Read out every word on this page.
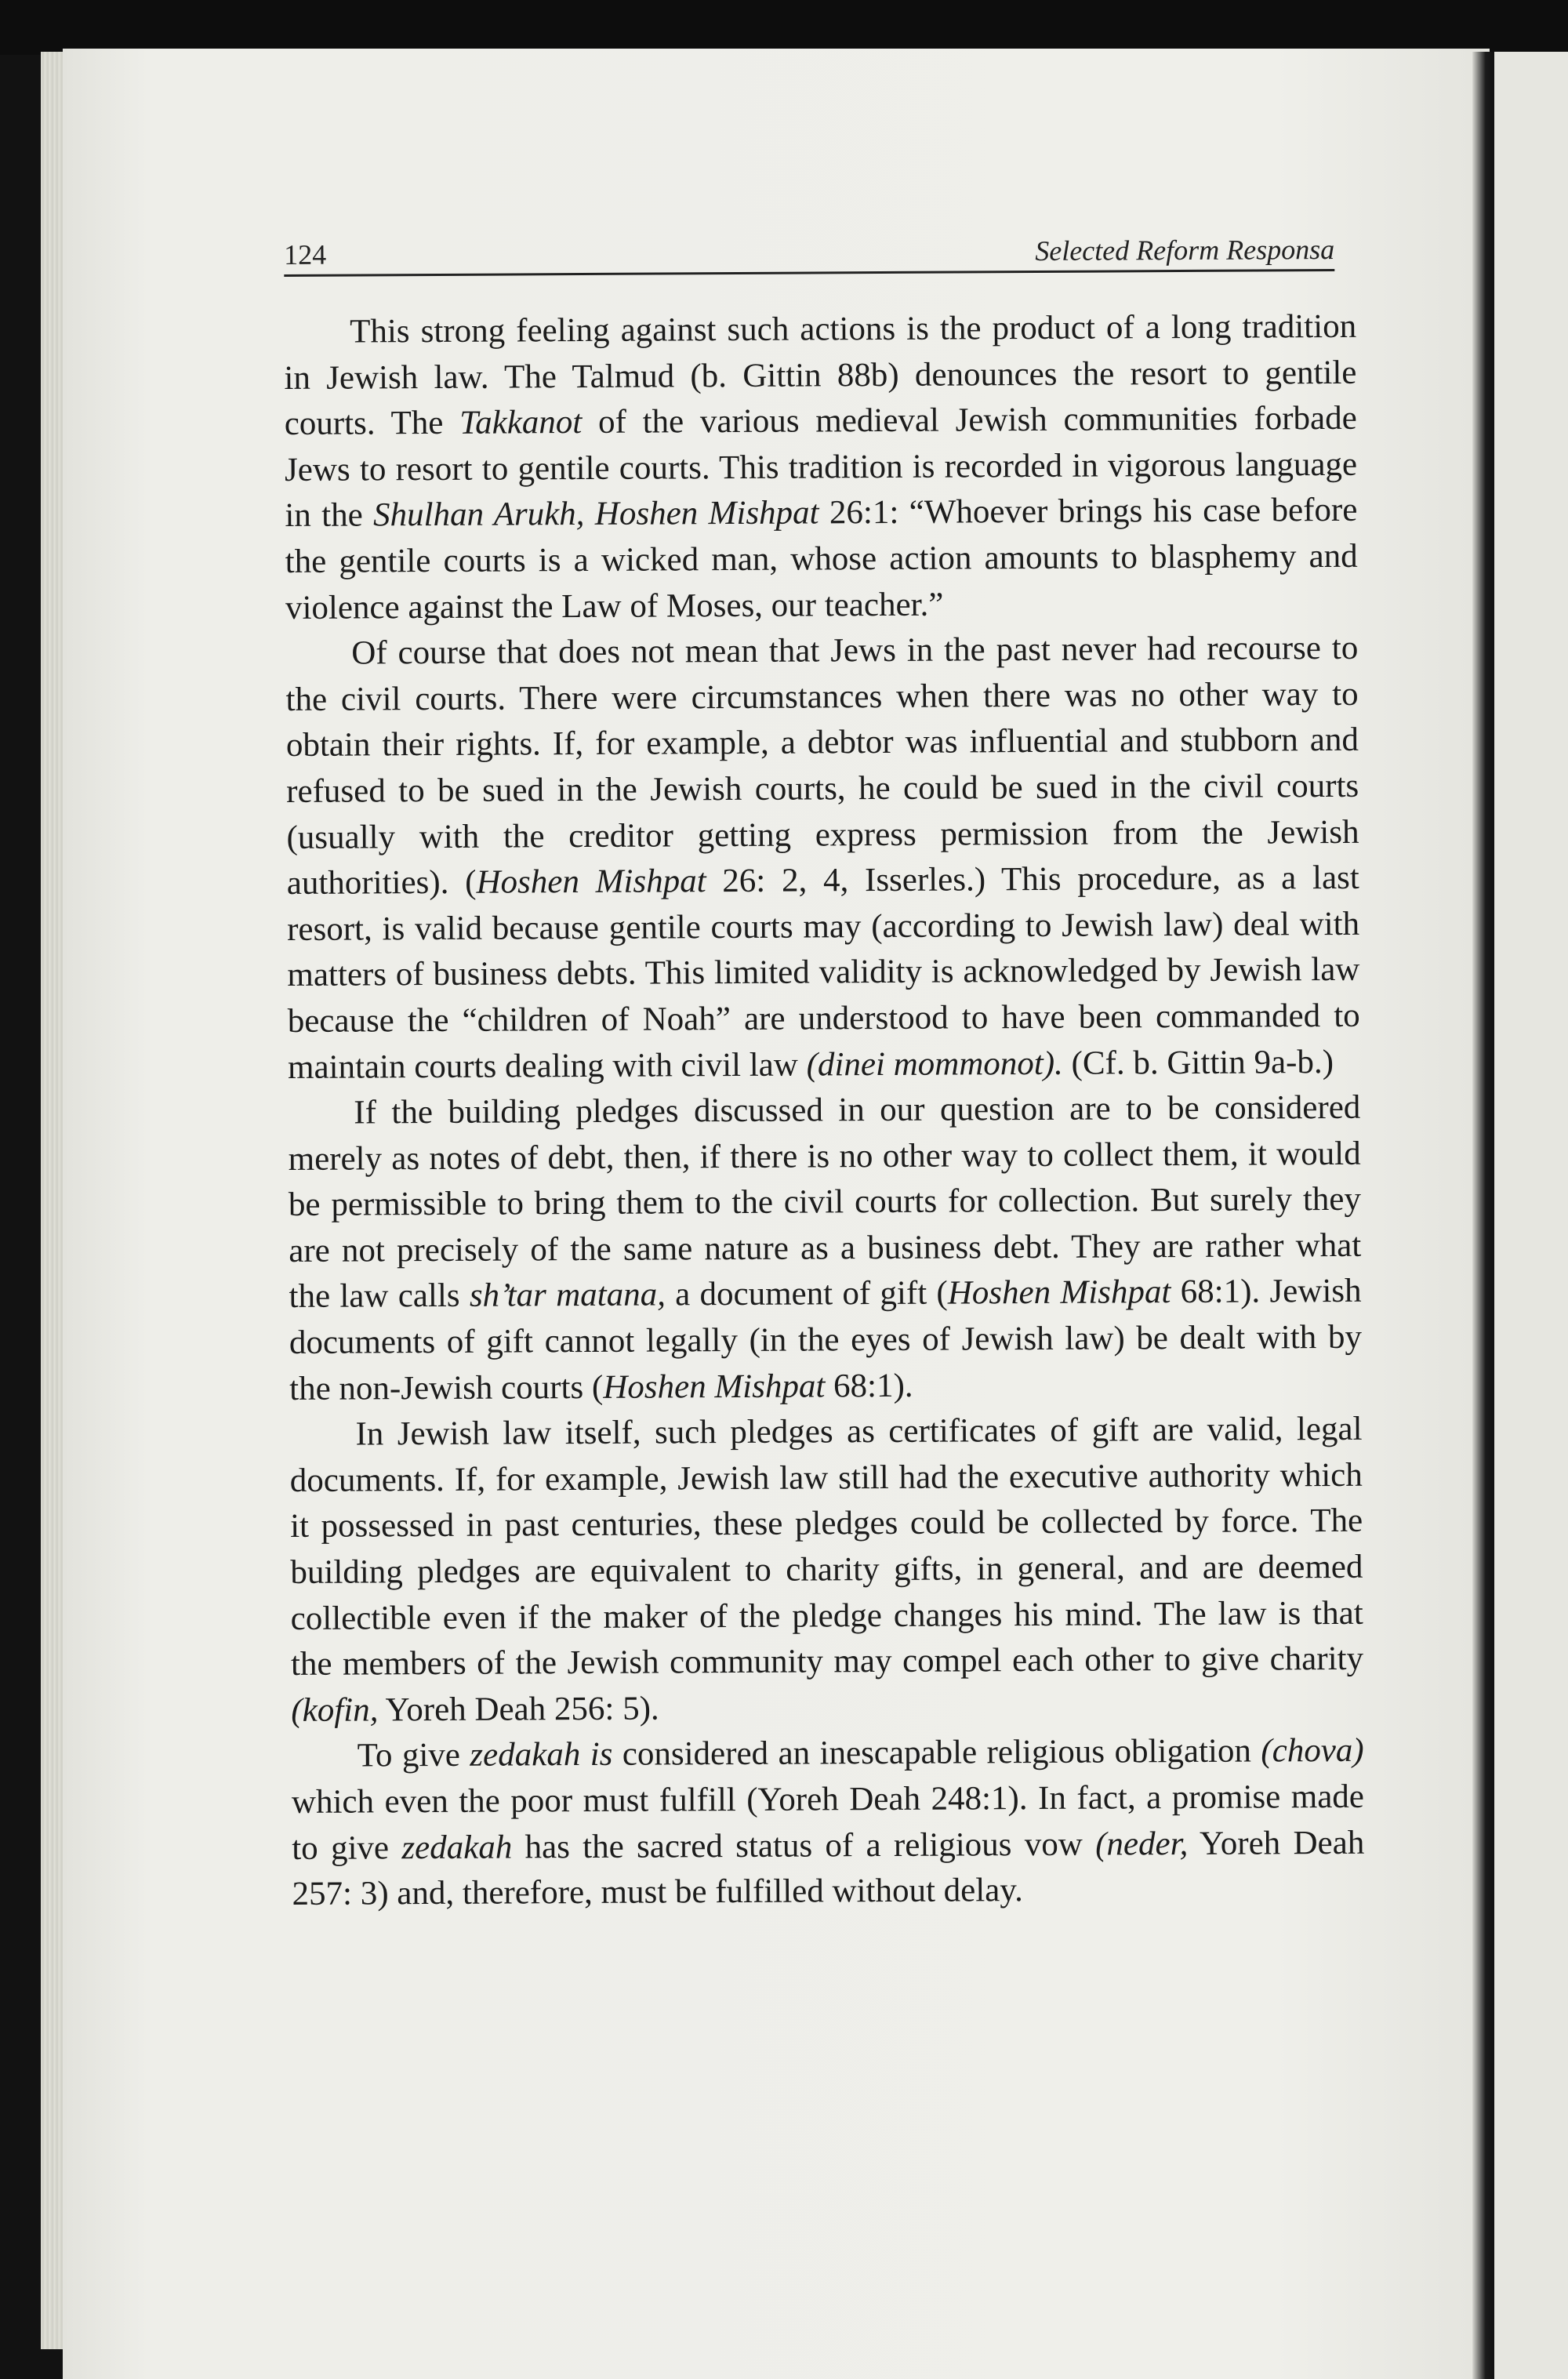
124	Selected Reform Responsa

This strong feeling against such actions is the product of a long tradition in Jewish law. The Talmud (b. Gittin 88b) denounces the resort to gentile courts. The Takkanot of the various medieval Jewish communities forbade Jews to resort to gentile courts. This tradition is recorded in vigorous language in the Shulhan Arukh, Hoshen Mishpat 26:1: “Whoever brings his case before the gentile courts is a wicked man, whose action amounts to blasphemy and violence against the Law of Moses, our teacher.”

Of course that does not mean that Jews in the past never had recourse to the civil courts. There were circumstances when there was no other way to obtain their rights. If, for example, a debtor was influential and stubborn and refused to be sued in the Jewish courts, he could be sued in the civil courts (usually with the creditor getting express permission from the Jewish authorities). (Hoshen Mishpat 26: 2, 4, Isserles.) This procedure, as a last resort, is valid because gentile courts may (according to Jewish law) deal with matters of business debts. This limited validity is acknowledged by Jewish law because the “children of Noah” are understood to have been commanded to maintain courts dealing with civil law (dinei mommonot). (Cf. b. Gittin 9a-b.)

If the building pledges discussed in our question are to be considered merely as notes of debt, then, if there is no other way to collect them, it would be permissible to bring them to the civil courts for collection. But surely they are not precisely of the same nature as a business debt. They are rather what the law calls sh’tar matana, a document of gift (Hoshen Mishpat 68:1). Jewish documents of gift cannot legally (in the eyes of Jewish law) be dealt with by the non-Jewish courts (Hoshen Mishpat 68:1).

In Jewish law itself, such pledges as certificates of gift are valid, legal documents. If, for example, Jewish law still had the executive authority which it possessed in past centuries, these pledges could be collected by force. The building pledges are equivalent to charity gifts, in general, and are deemed collectible even if the maker of the pledge changes his mind. The law is that the members of the Jewish community may compel each other to give charity (kofin, Yoreh Deah 256: 5).

To give zedakah is considered an inescapable religious obligation (chova) which even the poor must fulfill (Yoreh Deah 248:1). In fact, a promise made to give zedakah has the sacred status of a religious vow (neder, Yoreh Deah 257: 3) and, therefore, must be fulfilled without delay.
